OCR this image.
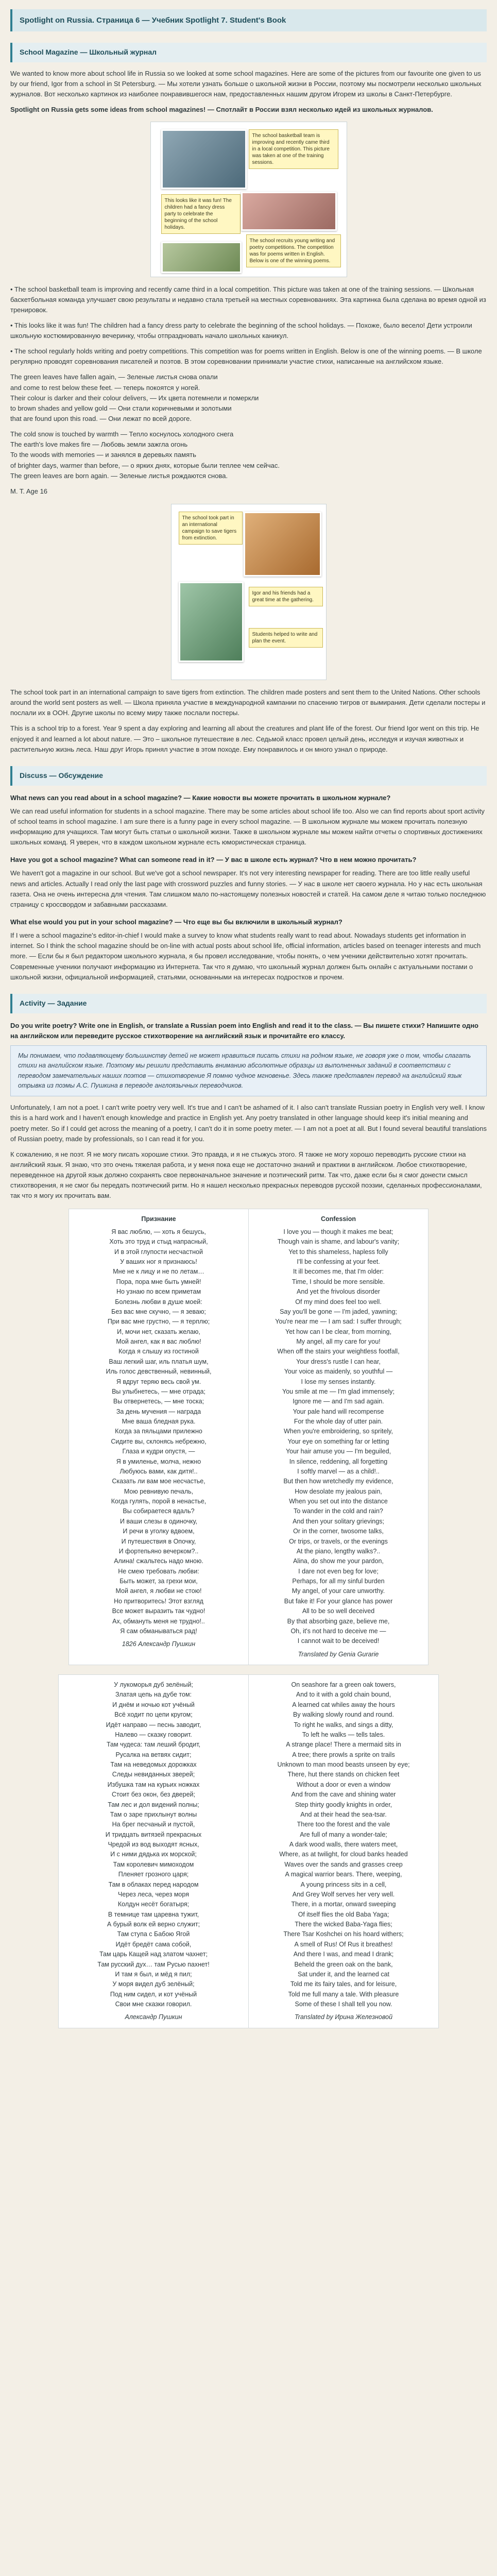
Spotlight on Russia. Страница 6 — Учебник Spotlight 7. Student's Book
School Magazine — Школьный журнал

We wanted to know more about school life in Russia so we looked at some school magazines. Here are some of the pictures from our favourite one given to us by our friend, Igor from a school in St Petersburg. — Мы хотели узнать больше о школьной жизни в России, поэтому мы посмотрели несколько школьных журналов. Вот несколько картинок из наиболее понравившегося нам, предоставленных нашим другом Игорем из школы в Санкт-Петербурге.

Spotlight on Russia gets some ideas from school magazines! — Спотлайт в России взял несколько идей из школьных журналов.

The school basketball team is improving and recently came third in a local competition. This picture was taken at one of the training sessions.
This looks like it was fun! The children had a fancy dress party to celebrate the beginning of the school holidays.
The school recruits young writing and poetry competitions. The competition was for poems written in English. Below is one of the winning poems.

• The school basketball team is improving and recently came third in a local competition. This picture was taken at one of the training sessions. — Школьная баскетбольная команда улучшает свою результаты и недавно стала третьей на местных соревнованиях. Эта картинка была сделана во время одной из тренировок.

• This looks like it was fun! The children had a fancy dress party to celebrate the beginning of the school holidays. — Похоже, было весело! Дети устроили школьную костюмированную вечеринку, чтобы отпраздновать начало школьных каникул.

• The school regularly holds writing and poetry competitions. This competition was for poems written in English. Below is one of the winning poems. — В школе регулярно проводят соревнования писателей и поэтов. В этом соревновании принимали участие стихи, написанные на английском языке.

The green leaves have fallen again, — Зеленые листья снова опали
and come to rest below these feet. — теперь покоятся у ногей.
Their colour is darker and their colour delivers, — Их цвета потемнели и померкли
to brown shades and yellow gold — Они стали коричневыми и золотыми
that are found upon this road. — Они лежат по всей дороге.
The cold snow is touched by warmth — Тепло коснулось холодного снега
The earth's love makes fire — Любовь земли зажгла огонь
To the woods with memories — и занялся в деревьях память
of brighter days, warmer than before, — о ярких днях, которые были теплее чем сейчас.
The green leaves are born again. — Зеленые листья рождаются снова.

M. T. Age 16

The school took part in an international campaign to save tigers from extinction.
Igor and his friends had a great time at the gathering.
Students helped to write and plan the event.

The school took part in an international campaign to save tigers from extinction. The children made posters and sent them to the United Nations. Other schools around the world sent posters as well. — Школа приняла участие в международной кампании по спасению тигров от вымирания. Дети сделали постеры и послали их в ООН. Другие школы по всему миру также послали постеры.

This is a school trip to a forest. Year 9 spent a day exploring and learning all about the creatures and plant life of the forest. Our friend Igor went on this trip. He enjoyed it and learned a lot about nature. — Это – школьное путешествие в лес. Седьмой класс провел целый день, исследуя и изучая животных и растительную жизнь леса. Наш друг Игорь принял участие в этом походе. Ему понравилось и он много узнал о природе.

Discuss — Обсуждение

What news can you read about in a school magazine? — Какие новости вы можете прочитать в школьном журнале?

We can read useful information for students in a school magazine. There may be some articles about school life too. Also we can find reports about sport activity of school teams in school magazine. I am sure there is a funny page in every school magazine. — В школьном журнале мы можем прочитать полезную информацию для учащихся. Там могут быть статьи о школьной жизни. Также в школьном журнале мы можем найти отчеты о спортивных достижениях школьных команд. Я уверен, что в каждом школьном журнале есть юмористическая страница.

Have you got a school magazine? What can someone read in it? — У вас в школе есть журнал? Что в нем можно прочитать?

We haven't got a magazine in our school. But we've got a school newspaper. It's not very interesting newspaper for reading. There are too little really useful news and articles. Actually I read only the last page with crossword puzzles and funny stories. — У нас в школе нет своего журнала. Но у нас есть школьная газета. Она не очень интересна для чтения. Там слишком мало по-настоящему полезных новостей и статей. На самом деле я читаю только последнюю страницу с кроссвордом и забавными рассказами.

What else would you put in your school magazine? — Что еще вы бы включили в школьный журнал?

If I were a school magazine's editor-in-chief I would make a survey to know what students really want to read about. Nowadays students get information in internet. So I think the school magazine should be on-line with actual posts about school life, official information, articles based on teenager interests and much more. — Если бы я был редактором школьного журнала, я бы провел исследование, чтобы понять, о чем ученики действительно хотят прочитать. Современные ученики получают информацию из Интернета. Так что я думаю, что школьный журнал должен быть онлайн с актуальными постами о школьной жизни, официальной информацией, статьями, основанными на интересах подростков и прочем.

Activity — Задание

Do you write poetry? Write one in English, or translate a Russian poem into English and read it to the class. — Вы пишете стихи? Напишите одно на английском или переведите русское стихотворение на английский язык и прочитайте его классу.

Мы понимаем, что подавляющему большинству детей не может нравиться писать стихи на родном языке, не говоря уже о том, чтобы слагать стихи на английском языке. Поэтому мы решили представить вниманию абсолютные образцы из выполненных заданий в соответствии с переводом замечательных наших поэтов — стихотворение Я помню чудное мгновенье. Здесь также представлен перевод на английский язык отрывка из поэмы А.С. Пушкина в переводе англоязычных переводчиков.

Unfortunately, I am not a poet. I can't write poetry very well. It's true and I can't be ashamed of it. I also can't translate Russian poetry in English very well. I know this is a hard work and I haven't enough knowledge and practice in English yet. Any poetry translated in other language should keep it's initial meaning and poetry meter. So if I could get across the meaning of a poetry, I can't do it in some poetry meter. — I am not a poet at all. But I found several beautiful translations of Russian poetry, made by professionals, so I can read it for you.

К сожалению, я не поэт. Я не могу писать хорошие стихи. Это правда, и я не стыжусь этого. Я также не могу хорошо переводить русские стихи на английский язык. Я знаю, что это очень тяжелая работа, и у меня пока еще не достаточно знаний и практики в английском. Любое стихотворение, переведенное на другой язык должно сохранять свое первоначальное значение и поэтический ритм. Так что, даже если бы я смог донести смысл стихотворения, я не смог бы передать поэтический ритм. Но я нашел несколько прекрасных переводов русской поэзии, сделанных профессионалами, так что я могу их прочитать вам.

Признание
Я вас люблю, — хоть я бешусь,
Хоть это труд и стыд напрасный,
И в этой глупости несчастной
У ваших ног я признаюсь!
Мне не к лицу и не по летам…
Пора, пора мне быть умней!
Но узнаю по всем приметам
Болезнь любви в душе моей:
Без вас мне скучно, — я зеваю;
При вас мне грустно, — я терплю;
И, мочи нет, сказать желаю,
Мой ангел, как я вас люблю!
Когда я слышу из гостиной
Ваш легкий шаг, иль платья шум,
Иль голос девственный, невинный,
Я вдруг теряю весь свой ум.
Вы улыбнетесь, — мне отрада;
Вы отвернетесь, — мне тоска;
За день мучения — награда
Мне ваша бледная рука.
Когда за пяльцами прилежно
Сидите вы, склонясь небрежно,
Глаза и кудри опустя, —
Я в умиленье, молча, нежно
Любуюсь вами, как дитя!..
Сказать ли вам мое несчастье,
Мою ревнивую печаль,
Когда гулять, порой в ненастье,
Вы собираетеся вдаль?
И ваши слезы в одиночку,
И речи в уголку вдвоем,
И путешествия в Опочку,
И фортепьяно вечерком?..
Алина! сжальтесь надо мною.
Не смею требовать любви:
Быть может, за грехи мои,
Мой ангел, я любви не стою!
Но притворитесь! Этот взгляд
Все может выразить так чудно!
Ах, обмануть меня не трудно!..
Я сам обманываться рад!
1826 Александр Пушкин
Confession
I love you — though it makes me beat;
Though vain is shame, and labour's vanity;
Yet to this shameless, hapless folly
I'll be confessing at your feet.
It ill becomes me, that I'm older:
Time, I should be more sensible.
And yet the frivolous disorder
Of my mind does feel too well.
Say you'll be gone — I'm jaded, yawning;
You're near me — I am sad: I suffer through;
Yet how can I be clear, from morning,
My angel, all my care for you!
When off the stairs your weightless footfall,
Your dress's rustle I can hear,
Your voice as maidenly, so youthful —
I lose my senses instantly.
You smile at me — I'm glad immensely;
Ignore me — and I'm sad again.
Your pale hand will recompense
For the whole day of utter pain.
When you're embroidering, so spritely,
Your eye on something far or letting
Your hair amuse you — I'm beguiled,
In silence, reddening, all forgetting
I softly marvel — as a child!..
But then how wretchedly my evidence,
How desolate my jealous pain,
When you set out into the distance
To wander in the cold and rain?
And then your solitary grievings;
Or in the corner, twosome talks,
Or trips, or travels, or the evenings
At the piano, lengthy walks?..
Alina, do show me your pardon,
I dare not even beg for love;
Perhaps, for all my sinful burden
My angel, of your care unworthy.
But fake it! For your glance has power
All to be so well deceived
By that absorbing gaze, believe me,
Oh, it's not hard to deceive me —
I cannot wait to be deceived!
Translated by Genia Gurarie
У лукоморья дуб зелёный;
Златая цепь на дубе том:
И днём и ночью кот учёный
Всё ходит по цепи кругом;
Идёт направо — песнь заводит,
Налево — сказку говорит.
Там чудеса: там леший бродит,
Русалка на ветвях сидит;
Там на неведомых дорожках
Следы невиданных зверей;
Избушка там на курьих ножках
Стоит без окон, без дверей;
Там лес и дол видений полны;
Там о заре прихлынут волны
На брег песчаный и пустой,
И тридцать витязей прекрасных
Чредой из вод выходят ясных,
И с ними дядька их морской;
Там королевич мимоходом
Пленяет грозного царя;
Там в облаках перед народом
Через леса, через моря
Колдун несёт богатыря;
В темнице там царевна тужит,
А бурый волк ей верно служит;
Там ступа с Бабою Ягой
Идёт бредёт сама собой,
Там царь Кащей над златом чахнет;
Там русский дух… там Русью пахнет!
И там я был, и мёд я пил;
У моря видел дуб зелёный;
Под ним сидел, и кот учёный
Свои мне сказки говорил.
Александр Пушкин
On seashore far a green oak towers,
And to it with a gold chain bound,
A learned cat whiles away the hours
By walking slowly round and round.
To right he walks, and sings a ditty,
To left he walks — tells tales.
A strange place! There a mermaid sits in
A tree; there prowls a sprite on trails
Unknown to man mood beasts unseen by eye;
There, hut there stands on chicken feet
Without a door or even a window
And from the cave and shining water
Step thirty goodly knights in order,
And at their head the sea-tsar.
There too the forest and the vale
Are full of many a wonder-tale;
A dark wood walls, there waters meet,
Where, as at twilight, for cloud banks headed
Waves over the sands and grasses creep
A magical warrior bears. There, weeping,
A young princess sits in a cell,
And Grey Wolf serves her very well.
There, in a mortar, onward sweeping
Of itself flies the old Baba Yaga;
There the wicked Baba-Yaga flies;
There Tsar Koshchei on his hoard withers;
A smell of Rus! Of Rus it breathes!
And there I was, and mead I drank;
Beheld the green oak on the bank,
Sat under it, and the learned cat
Told me its fairy tales, and for leisure,
Told me full many a tale. With pleasure
Some of these I shall tell you now.
Translated by Ирина Железновой
